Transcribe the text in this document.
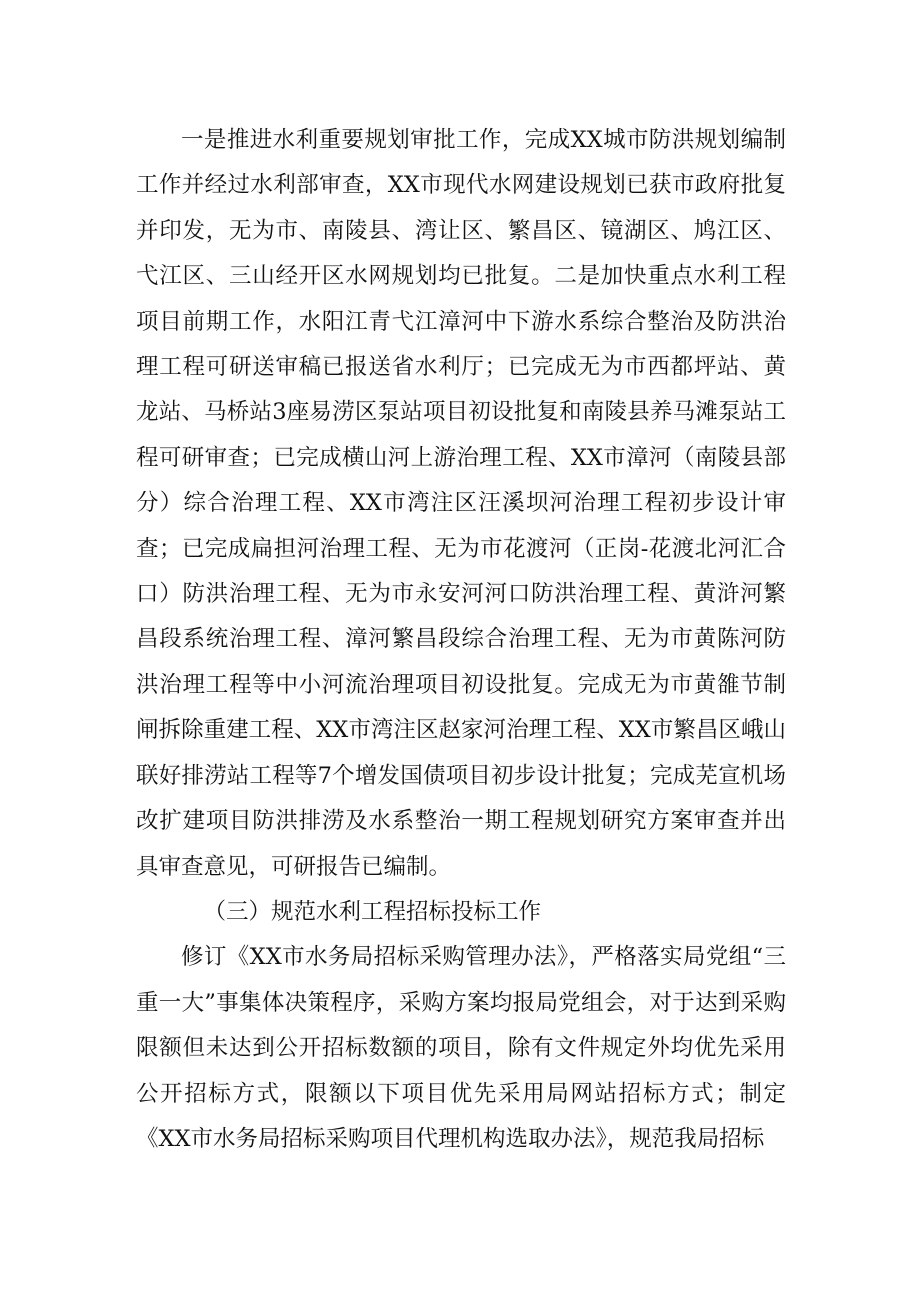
一是推进水利重要规划审批工作，完成XX城市防洪规划编制工作并经过水利部审查，XX市现代水网建设规划已获市政府批复并印发，无为市、南陵县、湾让区、繁昌区、镜湖区、鸠江区、弋江区、三山经开区水网规划均已批复。二是加快重点水利工程项目前期工作，水阳江青弋江漳河中下游水系综合整治及防洪治理工程可研送审稿已报送省水利厅；已完成无为市西都坪站、黄龙站、马桥站3座易涝区泵站项目初设批复和南陵县养马滩泵站工程可研审查；已完成横山河上游治理工程、XX市漳河（南陵县部分）综合治理工程、XX市湾注区汪溪坝河治理工程初步设计审查；已完成扁担河治理工程、无为市花渡河（正岗-花渡北河汇合口）防洪治理工程、无为市永安河河口防洪治理工程、黄浒河繁昌段系统治理工程、漳河繁昌段综合治理工程、无为市黄陈河防洪治理工程等中小河流治理项目初设批复。完成无为市黄雒节制闸拆除重建工程、XX市湾注区赵家河治理工程、XX市繁昌区峨山联好排涝站工程等7个增发国债项目初步设计批复；完成芜宣机场改扩建项目防洪排涝及水系整治一期工程规划研究方案审查并出具审查意见，可研报告已编制。

（三）规范水利工程招标投标工作

修订《XX市水务局招标采购管理办法》，严格落实局党组“三重一大”事集体决策程序，采购方案均报局党组会，对于达到采购限额但未达到公开招标数额的项目，除有文件规定外均优先采用公开招标方式，限额以下项目优先采用局网站招标方式；制定《XX市水务局招标采购项目代理机构选取办法》，规范我局招标
